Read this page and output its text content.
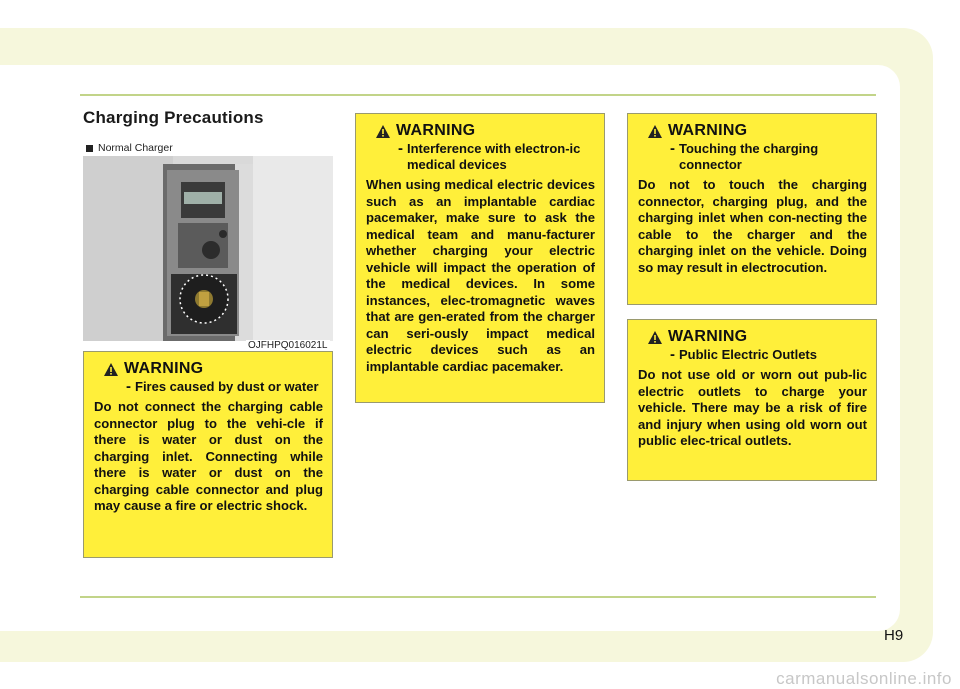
Charging Precautions
Normal Charger
OJFHPQ016021L
WARNING
- Fires caused by dust or water
Do not connect the charging cable connector plug to the vehi-cle if there is water or dust on the charging inlet. Connecting while there is water or dust on the charging cable connector and plug may cause a fire or electric shock.
WARNING
- Interference with electron-ic medical devices
When using medical electric devices such as an implantable cardiac pacemaker, make sure to ask the medical team and manu-facturer whether charging your electric vehicle will impact the operation of the medical devices. In some instances, elec-tromagnetic waves that are gen-erated from the charger can seri-ously impact medical electric devices such as an implantable cardiac pacemaker.
WARNING
- Touching the charging connector
Do not to touch the charging connector, charging plug, and the charging inlet when con-necting the cable to the charger and the charging inlet on the vehicle. Doing so may result in electrocution.
WARNING
- Public Electric Outlets
Do not use old or worn out pub-lic electric outlets to charge your vehicle. There may be a risk of fire and injury when using old worn out public elec-trical outlets.
H9
carmanualsonline.info
